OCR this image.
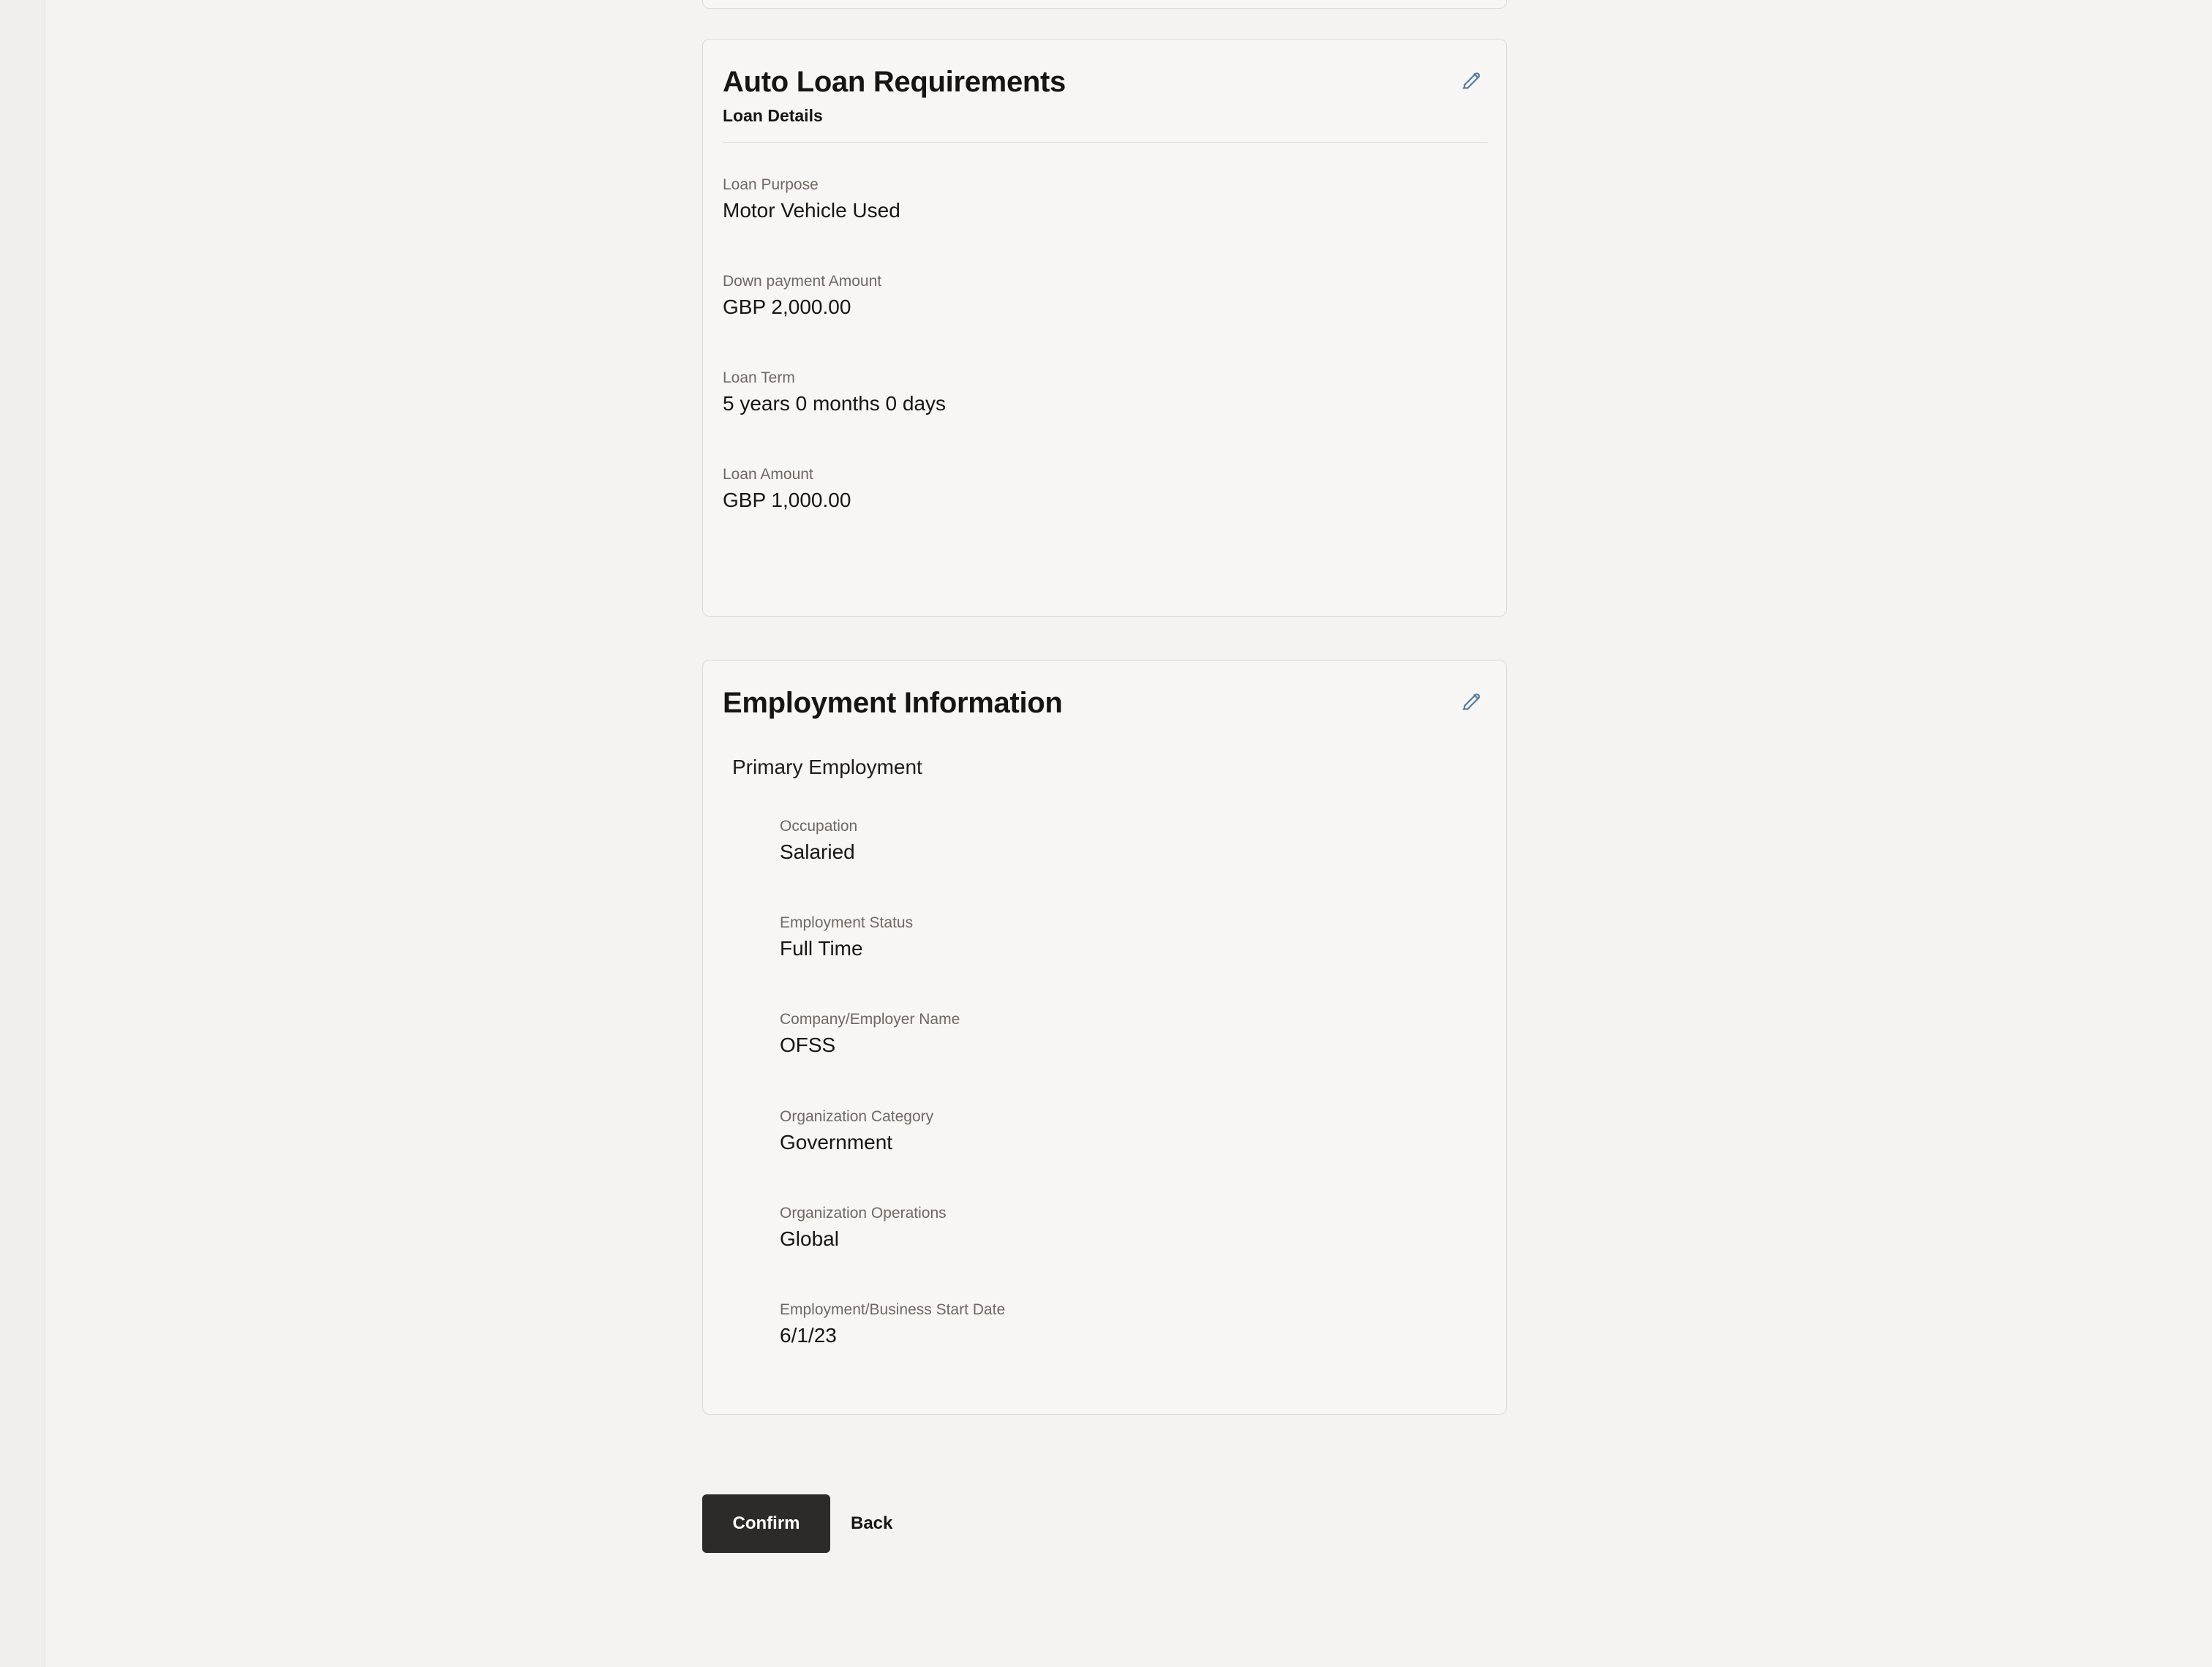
Auto Loan Requirements
Loan Details
Loan Purpose
Motor Vehicle Used
Down payment Amount
GBP 2,000.00
Loan Term
5 years 0 months 0 days
Loan Amount
GBP 1,000.00
Employment Information
Primary Employment
Occupation
Salaried
Employment Status
Full Time
Company/Employer Name
OFSS
Organization Category
Government
Organization Operations
Global
Employment/Business Start Date
6/1/23
Confirm	Back
